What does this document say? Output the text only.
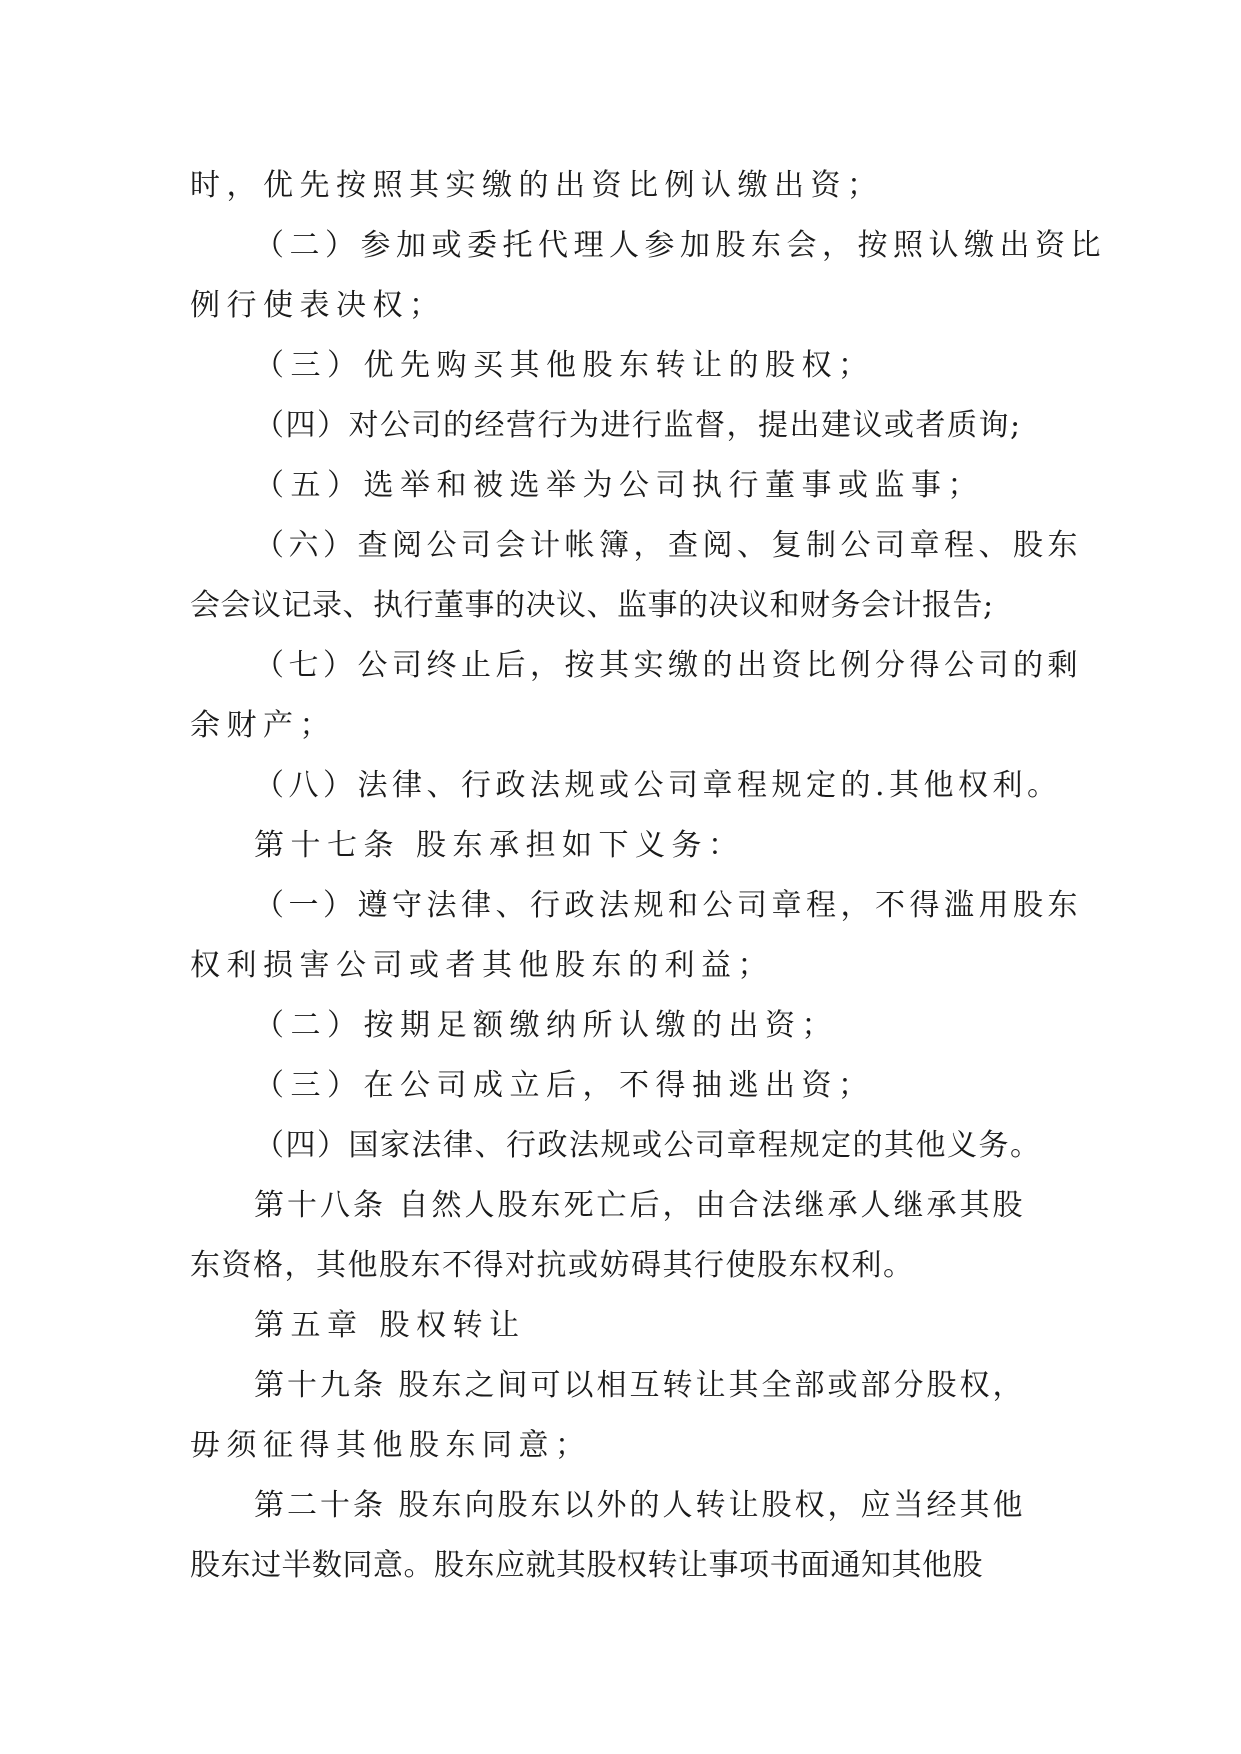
时，优先按照其实缴的出资比例认缴出资；
（二）参加或委托代理人参加股东会，按照认缴出资比
例行使表决权；
（三）优先购买其他股东转让的股权；
（四）对公司的经营行为进行监督，提出建议或者质询;
（五）选举和被选举为公司执行董事或监事；
（六）查阅公司会计帐簿，查阅、复制公司章程、股东
会会议记录、执行董事的决议、监事的决议和财务会计报告;
（七）公司终止后，按其实缴的出资比例分得公司的剩
余财产；
（八）法律、行政法规或公司章程规定的.其他权利。
第十七条 股东承担如下义务：
（一）遵守法律、行政法规和公司章程，不得滥用股东
权利损害公司或者其他股东的利益；
（二）按期足额缴纳所认缴的出资；
（三）在公司成立后，不得抽逃出资；
（四）国家法律、行政法规或公司章程规定的其他义务。
第十八条 自然人股东死亡后，由合法继承人继承其股
东资格，其他股东不得对抗或妨碍其行使股东权利。
第五章 股权转让
第十九条 股东之间可以相互转让其全部或部分股权，
毋须征得其他股东同意；
第二十条 股东向股东以外的人转让股权，应当经其他
股东过半数同意。股东应就其股权转让事项书面通知其他股
